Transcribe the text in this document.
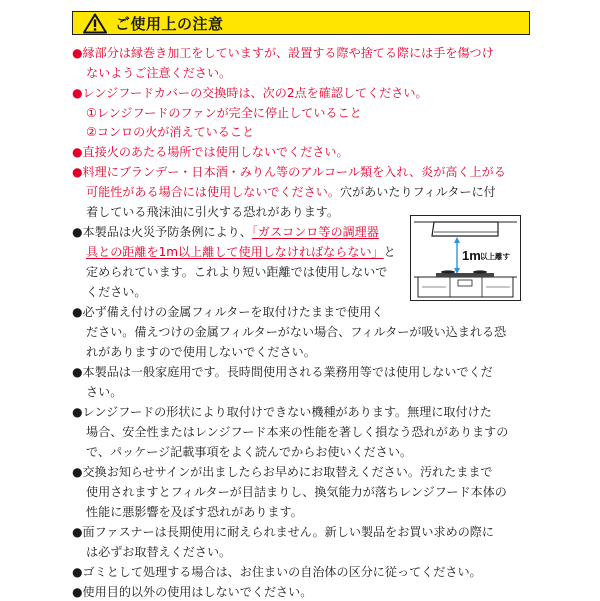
ご使用上の注意
●縁部分は縁巻き加工をしていますが、設置する際や捨てる際には手を傷つけ
ないようご注意ください。
●レンジフードカバーの交換時は、次の2点を確認してください。
①レンジフードのファンが完全に停止していること
②コンロの火が消えていること
●直接火のあたる場所では使用しないでください。
●料理にブランデー・日本酒・みりん等のアルコール類を入れ、炎が高く上がる
可能性がある場合には使用しないでください。穴があいたりフィルターに付
着している飛沫油に引火する恐れがあります。
●本製品は火災予防条例により、「ガスコンロ等の調理器
具との距離を1m以上離して使用しなければならない」と
定められています。これより短い距離では使用しないで
ください。
1m 以上離す
●必ず備え付けの金属フィルターを取付けたままで使用く
ださい。備えつけの金属フィルターがない場合、フィルターが吸い込まれる恐
れがありますので使用しないでください。
●本製品は一般家庭用です。長時間使用される業務用等では使用しないでくだ
さい。
●レンジフードの形状により取付けできない機種があります。無理に取付けた
場合、安全性またはレンジフード本来の性能を著しく損なう恐れがありますの
で、パッケージ記載事項をよく読んでからお使いください。
●交換お知らせサインが出ましたらお早めにお取替えください。汚れたままで
使用されますとフィルターが目詰まりし、換気能力が落ちレンジフード本体の
性能に悪影響を及ぼす恐れがあります。
●面ファスナーは長期使用に耐えられません。新しい製品をお買い求めの際に
は必ずお取替えください。
●ゴミとして処理する場合は、お住まいの自治体の区分に従ってください。
●使用目的以外の使用はしないでください。
